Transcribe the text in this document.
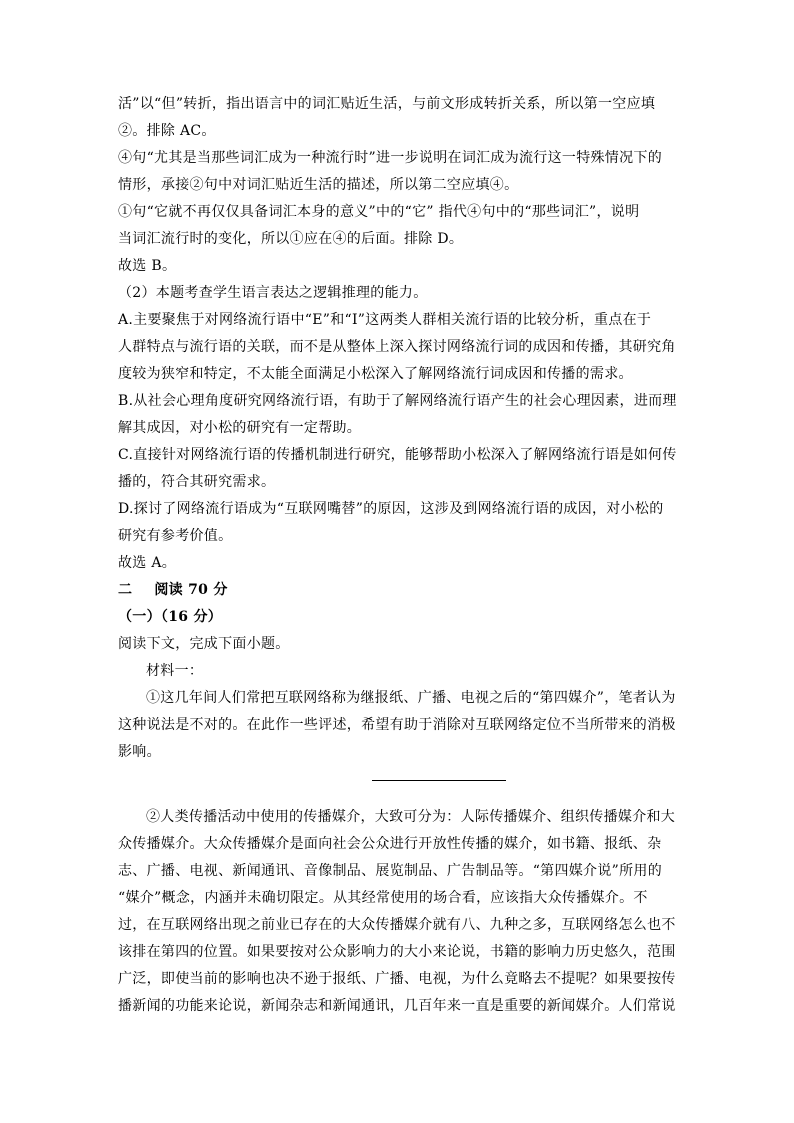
活”以“但”转折，指出语言中的词汇贴近生活，与前文形成转折关系，所以第一空应填
②。排除 AC。
④句“尤其是当那些词汇成为一种流行时”进一步说明在词汇成为流行这一特殊情况下的
情形，承接②句中对词汇贴近生活的描述，所以第二空应填④。
①句“它就不再仅仅具备词汇本身的意义”中的“它” 指代④句中的“那些词汇”，说明
当词汇流行时的变化，所以①应在④的后面。排除 D。
故选 B。
（2）本题考查学生语言表达之逻辑推理的能力。
A.主要聚焦于对网络流行语中“E”和“I”这两类人群相关流行语的比较分析，重点在于
人群特点与流行语的关联，而不是从整体上深入探讨网络流行词的成因和传播，其研究角
度较为狭窄和特定，不太能全面满足小松深入了解网络流行词成因和传播的需求。
B.从社会心理角度研究网络流行语，有助于了解网络流行语产生的社会心理因素，进而理
解其成因，对小松的研究有一定帮助。
C.直接针对网络流行语的传播机制进行研究，能够帮助小松深入了解网络流行语是如何传
播的，符合其研究需求。
D.探讨了网络流行语成为“互联网嘴替”的原因，这涉及到网络流行语的成因，对小松的
研究有参考价值。
故选 A。
二 阅读 70 分
（一）（16 分）
阅读下文，完成下面小题。
材料一：
①这几年间人们常把互联网络称为继报纸、广播、电视之后的“第四媒介”，笔者认为
这种说法是不对的。在此作一些评述，希望有助于消除对互联网络定位不当所带来的消极
影响。
②人类传播活动中使用的传播媒介，大致可分为：人际传播媒介、组织传播媒介和大
众传播媒介。大众传播媒介是面向社会公众进行开放性传播的媒介，如书籍、报纸、杂
志、广播、电视、新闻通讯、音像制品、展览制品、广告制品等。“第四媒介说”所用的
“媒介”概念，内涵并未确切限定。从其经常使用的场合看，应该指大众传播媒介。不
过，在互联网络出现之前业已存在的大众传播媒介就有八、九种之多，互联网络怎么也不
该排在第四的位置。如果要按对公众影响力的大小来论说，书籍的影响力历史悠久，范围
广泛，即使当前的影响也决不逊于报纸、广播、电视，为什么竟略去不提呢？如果要按传
播新闻的功能来论说，新闻杂志和新闻通讯，几百年来一直是重要的新闻媒介。人们常说
